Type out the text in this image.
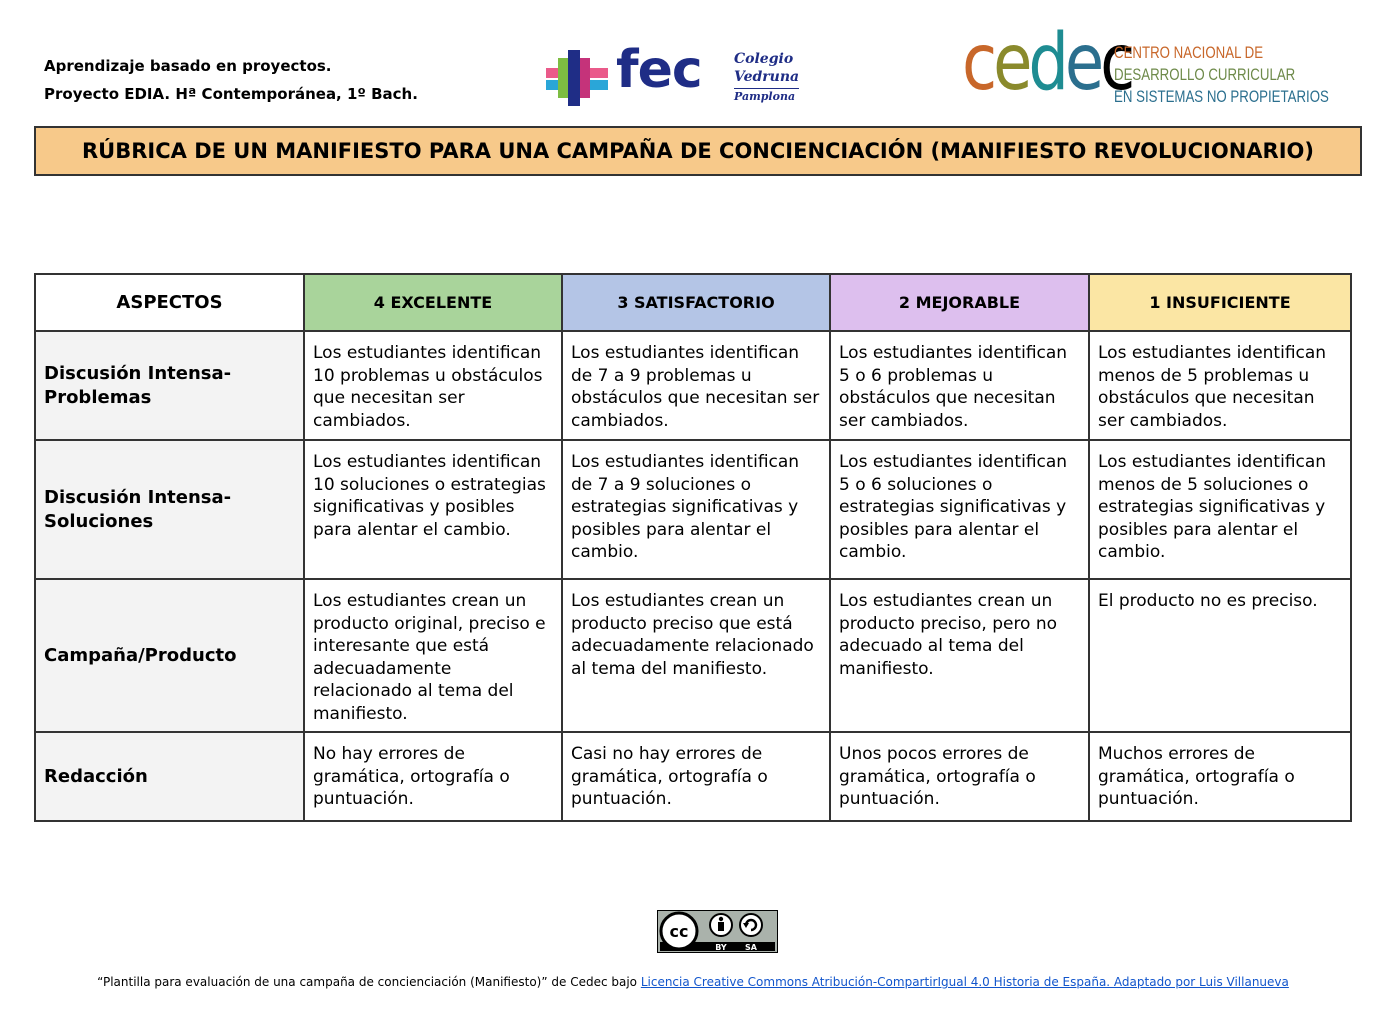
Aprendizaje basado en proyectos.
Proyecto EDIA. Hª Contemporánea, 1º Bach.	fec Colegio
Vedruna
Pamplona cedec
CENTRO NACIONAL DE
DESARROLLO CURRICULAR
EN SISTEMAS NO PROPIETARIOS
RÚBRICA DE UN MANIFIESTO PARA UNA CAMPAÑA DE CONCIENCIACIÓN (MANIFIESTO REVOLUCIONARIO)
ASPECTOS	4 EXCELENTE	3 SATISFACTORIO	2 MEJORABLE	1 INSUFICIENTE
Discusión Intensa-Problemas	Los estudiantes identifican 10 problemas u obstáculos que necesitan ser cambiados.	Los estudiantes identifican de 7 a 9 problemas u obstáculos que necesitan ser cambiados.	Los estudiantes identifican 5 o 6 problemas u obstáculos que necesitan ser cambiados.	Los estudiantes identifican menos de 5 problemas u obstáculos que necesitan ser cambiados.
Discusión Intensa-Soluciones	Los estudiantes identifican 10 soluciones o estrategias significativas y posibles para alentar el cambio.	Los estudiantes identifican de 7 a 9 soluciones o estrategias significativas y posibles para alentar el cambio.	Los estudiantes identifican 5 o 6 soluciones o estrategias significativas y posibles para alentar el cambio.	Los estudiantes identifican menos de 5 soluciones o estrategias significativas y posibles para alentar el cambio.
Campaña/Producto	Los estudiantes crean un producto original, preciso e interesante que está adecuadamente relacionado al tema del manifiesto.	Los estudiantes crean un producto preciso que está adecuadamente relacionado al tema del manifiesto.	Los estudiantes crean un producto preciso, pero no adecuado al tema del manifiesto.	El producto no es preciso.
Redacción	No hay errores de gramática, ortografía o puntuación.	Casi no hay errores de gramática, ortografía o puntuación.	Unos pocos errores de gramática, ortografía o puntuación.	Muchos errores de gramática, ortografía o puntuación.
cc
BY SA
“Plantilla para evaluación de una campaña de concienciación (Manifiesto)” de Cedec bajo Licencia Creative Commons Atribución-CompartirIgual 4.0 Historia de España. Adaptado por Luis Villanueva
